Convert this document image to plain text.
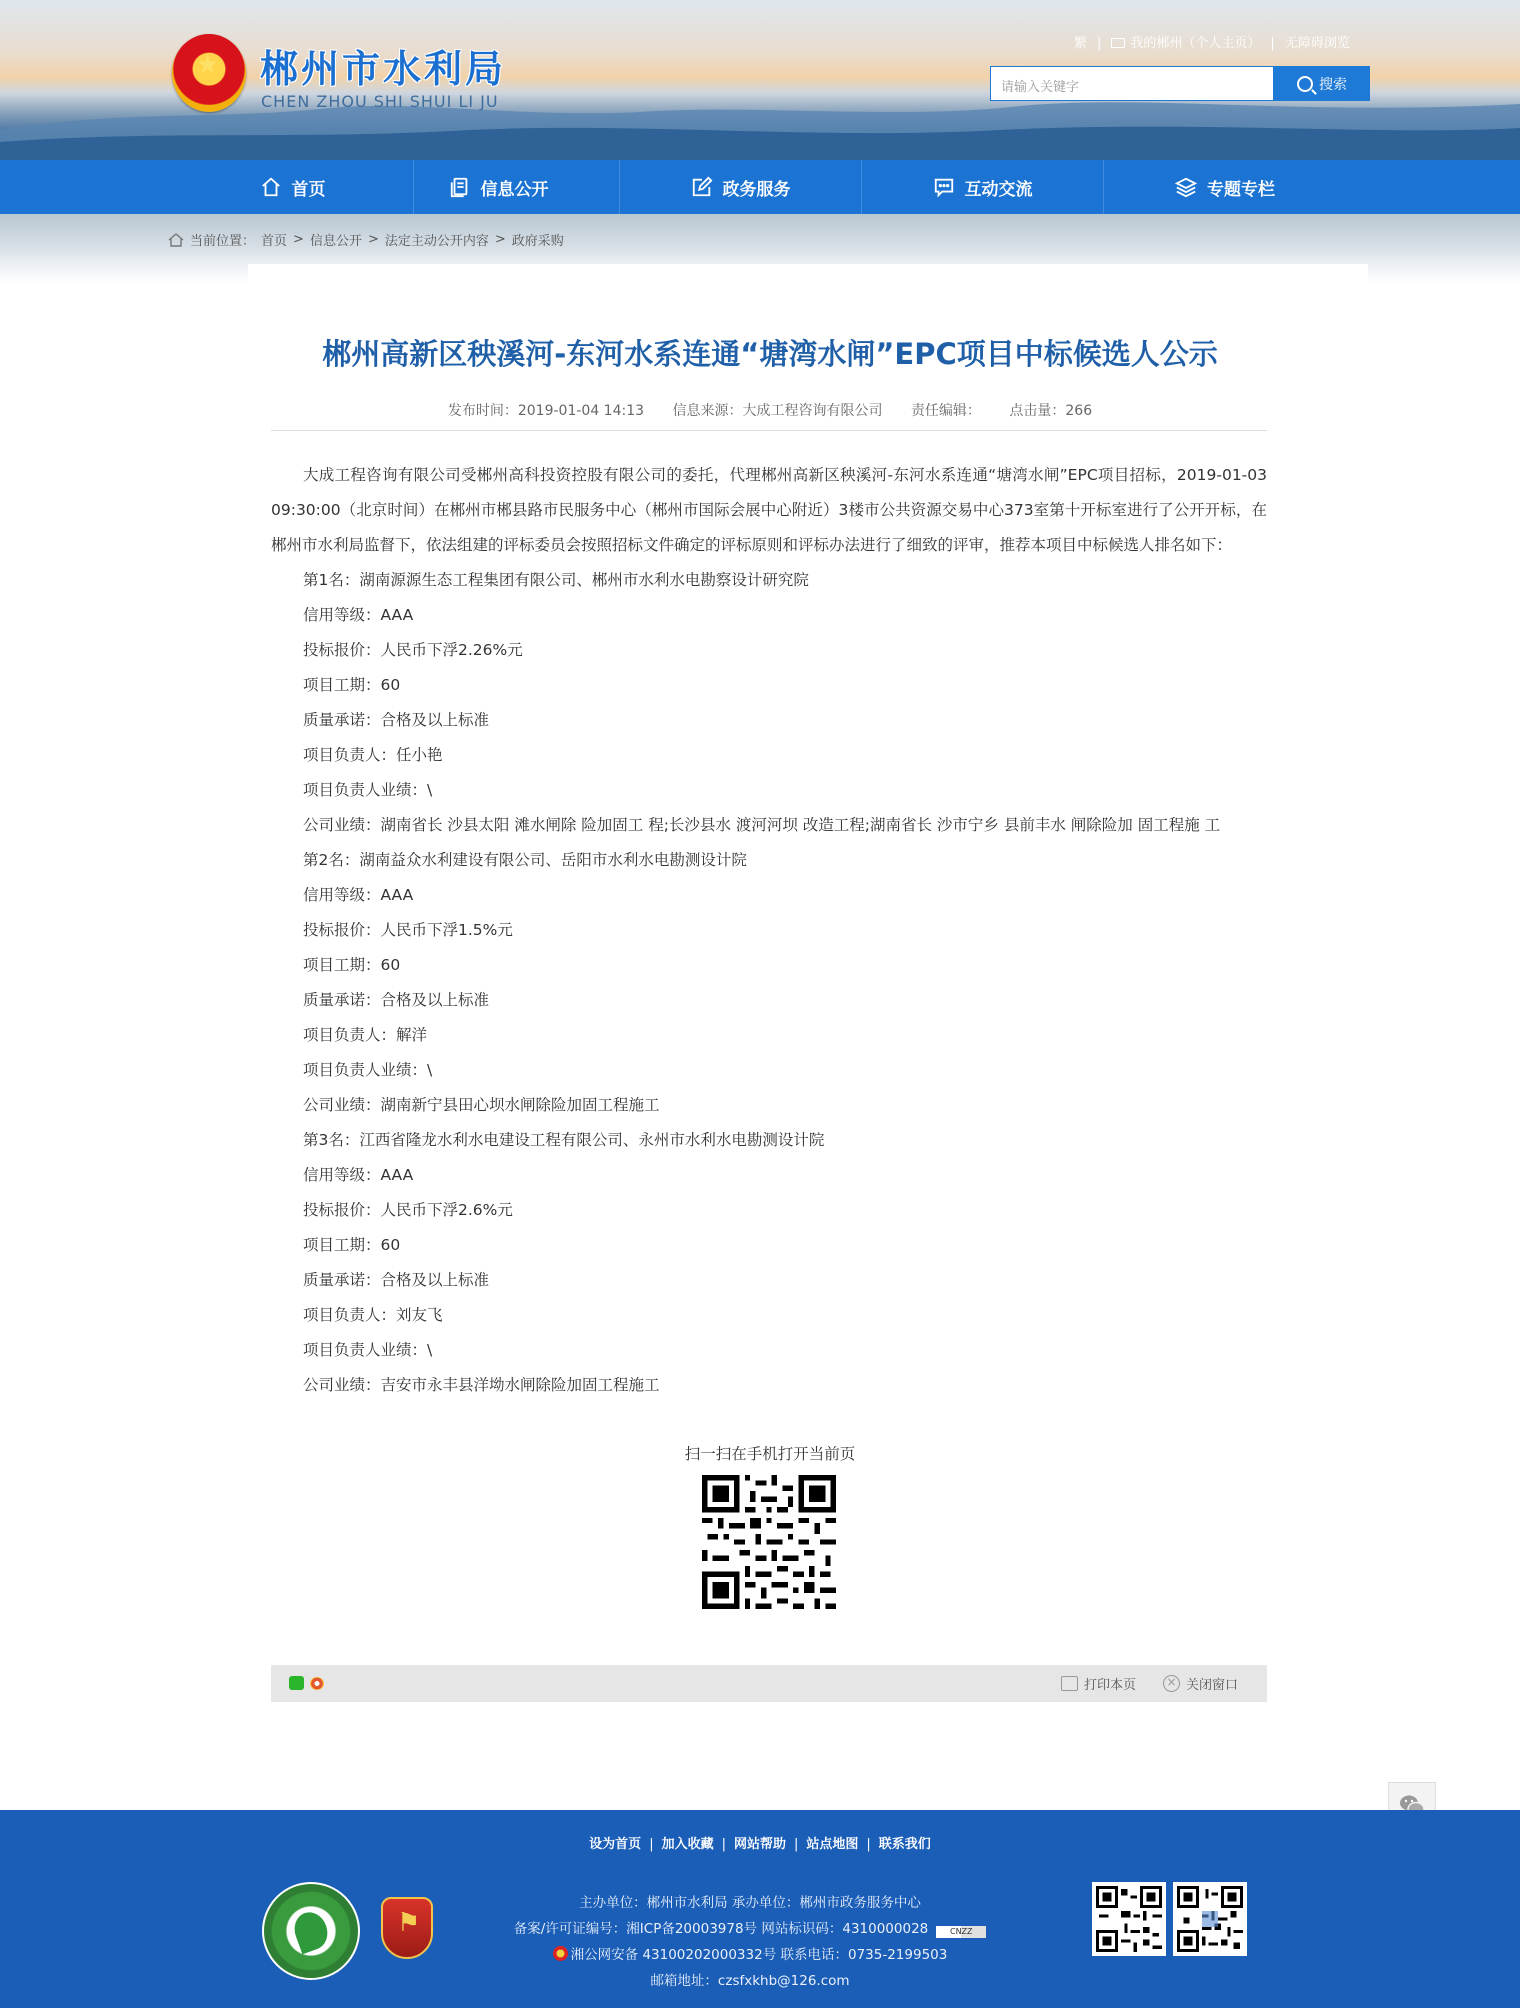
★ 郴州市水利局
CHEN ZHOU SHI SHUI LI JU
繁 | 我的郴州（个人主页） | 无障碍浏览
请输入关键字	搜索
首页	信息公开	政务服务	互动交流	专题专栏
当前位置： 首页 > 信息公开 > 法定主动公开内容 > 政府采购
郴州高新区秧溪河-东河水系连通“塘湾水闸”EPC项目中标候选人公示
发布时间：2019-01-04 14:13 信息来源：大成工程咨询有限公司 责任编辑： 点击量：266

大成工程咨询有限公司受郴州高科投资控股有限公司的委托，代理郴州高新区秧溪河-东河水系连通“塘湾水闸”EPC项目招标，2019-01-03 09:30:00（北京时间）在郴州市郴县路市民服务中心（郴州市国际会展中心附近）3楼市公共资源交易中心373室第十开标室进行了公开开标，在郴州市水利局监督下，依法组建的评标委员会按照招标文件确定的评标原则和评标办法进行了细致的评审，推荐本项目中标候选人排名如下：

第1名：湖南源源生态工程集团有限公司、郴州市水利水电勘察设计研究院
信用等级：AAA
投标报价：人民币下浮2.26%元
项目工期：60
质量承诺：合格及以上标准
项目负责人：任小艳
项目负责人业绩：\
公司业绩：湖南省长 沙县太阳 滩水闸除 险加固工 程;长沙县水 渡河河坝 改造工程;湖南省长 沙市宁乡 县前丰水 闸除险加 固工程施 工
第2名：湖南益众水利建设有限公司、岳阳市水利水电勘测设计院
信用等级：AAA
投标报价：人民币下浮1.5%元
项目工期：60
质量承诺：合格及以上标准
项目负责人：解洋
项目负责人业绩：\
公司业绩：湖南新宁县田心坝水闸除险加固工程施工
第3名：江西省隆龙水利水电建设工程有限公司、永州市水利水电勘测设计院
信用等级：AAA
投标报价：人民币下浮2.6%元
项目工期：60
质量承诺：合格及以上标准
项目负责人：刘友飞
项目负责人业绩：\
公司业绩：吉安市永丰县洋坳水闸除险加固工程施工
扫一扫在手机打开当前页
打印本页	× 关闭窗口
设为首页 | 加入收藏 | 网站帮助 | 站点地图 | 联系我们
⚑
主办单位：郴州市水利局 承办单位：郴州市政务服务中心
备案/许可证编号：湘ICP备20003978号 网站标识码：4310000028	CNZZ
湘公网安备 43100202000332号 联系电话：0735-2199503
邮箱地址：czsfxkhb@126.com
